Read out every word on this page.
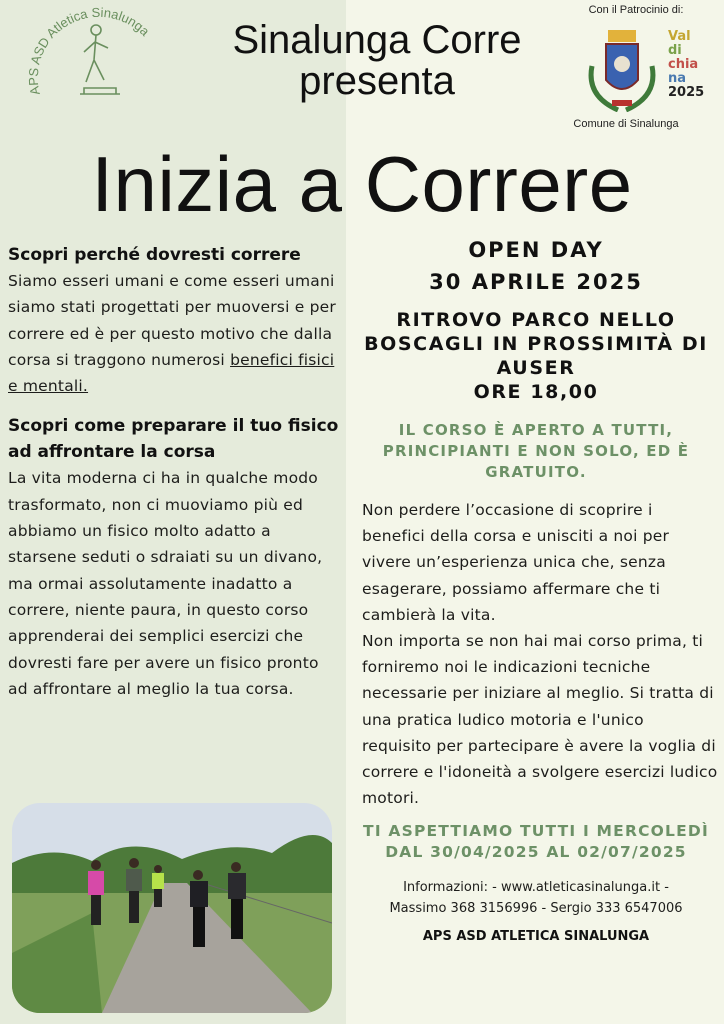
APS ASD Atletica Sinalunga	Sinalunga Corre
presenta
Con il Patrocinio di:
Val
di
chia
na
2025
Comune di Sinalunga
Inizia a Correre
Scopri perché dovresti correre

Siamo esseri umani e come esseri umani siamo stati progettati per muoversi e per correre ed è per questo motivo che dalla corsa si traggono numerosi benefici fisici e mentali.

Scopri come preparare il tuo fisico ad affrontare la corsa

La vita moderna ci ha in qualche modo trasformato, non ci muoviamo più ed abbiamo un fisico molto adatto a starsene seduti o sdraiati su un divano, ma ormai assolutamente inadatto a correre, niente paura, in questo corso apprenderai dei semplici esercizi che dovresti fare per avere un fisico pronto ad affrontare al meglio la tua corsa.

OPEN DAY
30 APRILE 2025
RITROVO PARCO NELLO BOSCAGLI IN PROSSIMITÀ DI AUSER
ORE 18,00
IL CORSO È APERTO A TUTTI, PRINCIPIANTI E NON SOLO, ED È GRATUITO.
Non perdere l’occasione di scoprire i benefici della corsa e unisciti a noi per vivere un’esperienza unica che, senza esagerare, possiamo affermare che ti cambierà la vita.
Non importa se non hai mai corso prima, ti forniremo noi le indicazioni tecniche necessarie per iniziare al meglio. Si tratta di una pratica ludico motoria e l'unico requisito per partecipare è avere la voglia di correre e l'idoneità a svolgere esercizi ludico motori.
TI ASPETTIAMO TUTTI I MERCOLEDÌ DAL 30/04/2025 AL 02/07/2025
Informazioni: - www.atleticasinalunga.it -
Massimo 368 3156996 - Sergio 333 6547006
APS ASD ATLETICA SINALUNGA
